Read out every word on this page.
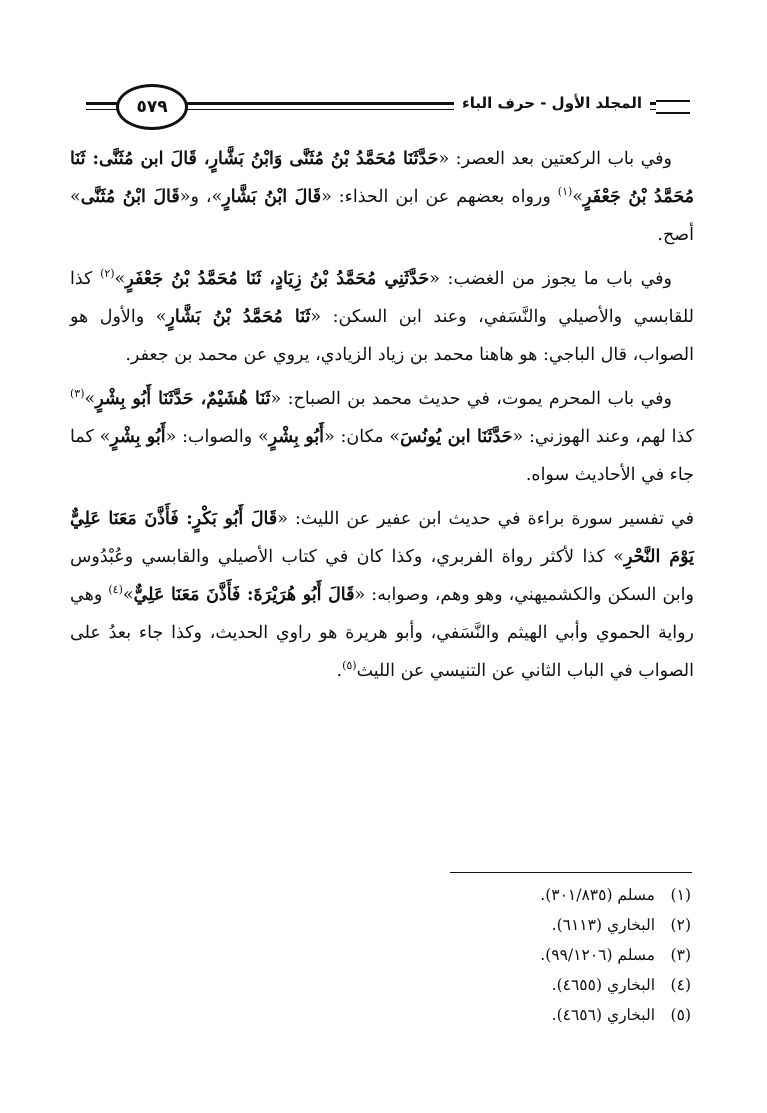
المجلد الأول - حرف الباء
٥٧٩

وفي باب الركعتين بعد العصر: «حَدَّثَنَا مُحَمَّدُ بْنُ مُثَنَّى وَابْنُ بَشَّارٍ، قَالَ ابن مُثَنَّى: ثَنَا مُحَمَّدُ بْنُ جَعْفَرٍ»$^{(١)}$ ورواه بعضهم عن ابن الحذاء: «قَالَ ابْنُ بَشَّارٍ»، و«قَالَ ابْنُ مُثَنَّى» أصح.

وفي باب ما يجوز من الغضب: «حَدَّثَنِي مُحَمَّدُ بْنُ زِيَادٍ، ثَنَا مُحَمَّدُ بْنُ جَعْفَرٍ»$^{(٢)}$ كذا للقابسي والأصيلي والنَّسَفي، وعند ابن السكن: «ثَنَا مُحَمَّدُ بْنُ بَشَّارٍ» والأول هو الصواب، قال الباجي: هو هاهنا محمد بن زياد الزيادي، يروي عن محمد بن جعفر.

وفي باب المحرم يموت، في حديث محمد بن الصباح: «ثَنَا هُشَيْمٌ، حَدَّثَنَا أَبُو بِشْرٍ»$^{(٣)}$ كذا لهم، وعند الهوزني: «حَدَّثَنَا ابن يُونُسَ» مكان: «أَبُو بِشْرٍ» والصواب: «أَبُو بِشْرٍ» كما جاء في الأحاديث سواه.

في تفسير سورة براءة في حديث ابن عفير عن الليث: «قَالَ أَبُو بَكْرٍ: فَأَذَّنَ مَعَنَا عَلِيٌّ يَوْمَ النَّحْرِ» كذا لأكثر رواة الفربري، وكذا كان في كتاب الأصيلي والقابسي وعُبْدُوس وابن السكن والكشميهني، وهو وهم، وصوابه: «قَالَ أَبُو هُرَيْرَةَ: فَأَذَّنَ مَعَنَا عَلِيٌّ»$^{(٤)}$ وهي رواية الحموي وأبي الهيثم والنَّسَفي، وأبو هريرة هو راوي الحديث، وكذا جاء بعدُ على الصواب في الباب الثاني عن التنيسي عن الليث$^{(٥)}$.

(١)
مسلم (٣٠١/٨٣٥).
(٢)
البخاري (٦١١٣).
(٣)
مسلم (٩٩/١٢٠٦).
(٤)
البخاري (٤٦٥٥).
(٥)
البخاري (٤٦٥٦).
